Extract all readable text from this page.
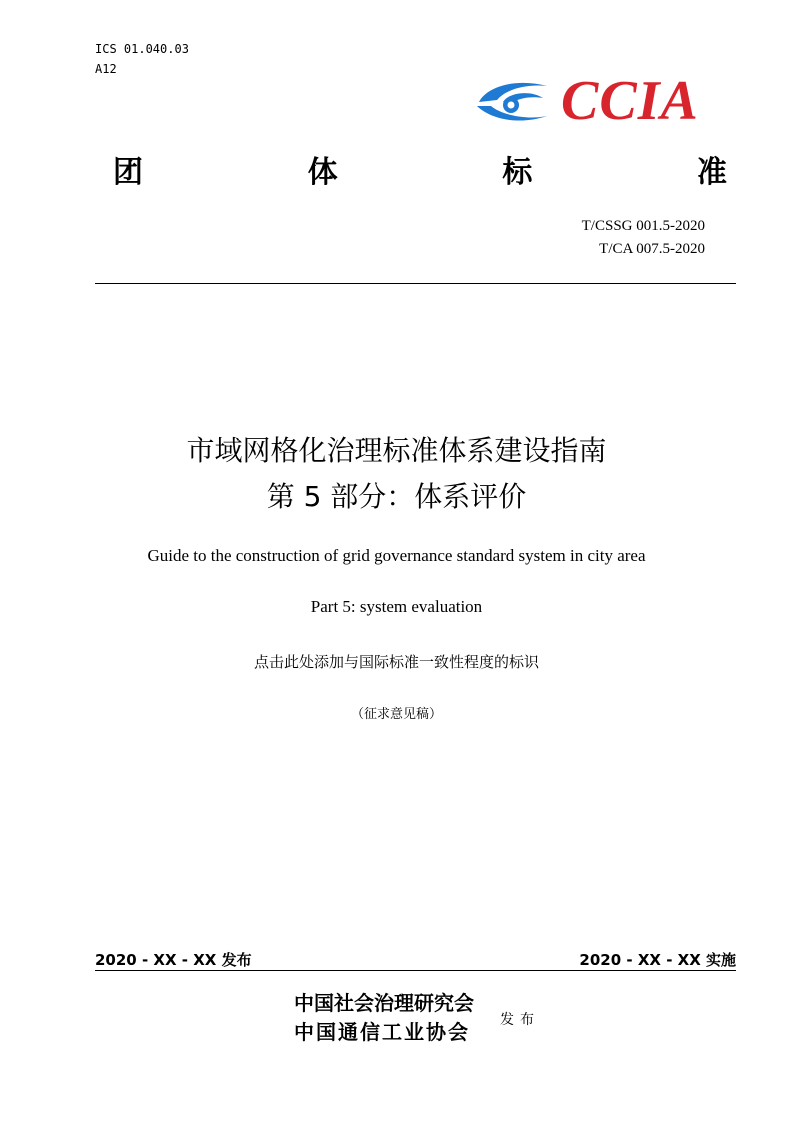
ICS 01.040.03
A12
CCIA
团	体	标	准
T/CSSG 001.5-2020
T/CA 007.5-2020
市域网格化治理标准体系建设指南
第 5 部分：体系评价
Guide to the construction of grid governance standard system in city area
Part 5: system evaluation
点击此处添加与国际标准一致性程度的标识
（征求意见稿）
2020 - XX - XX 发布	2020 - XX - XX 实施
中国社会治理研究会
中国通信工业协会 发布
